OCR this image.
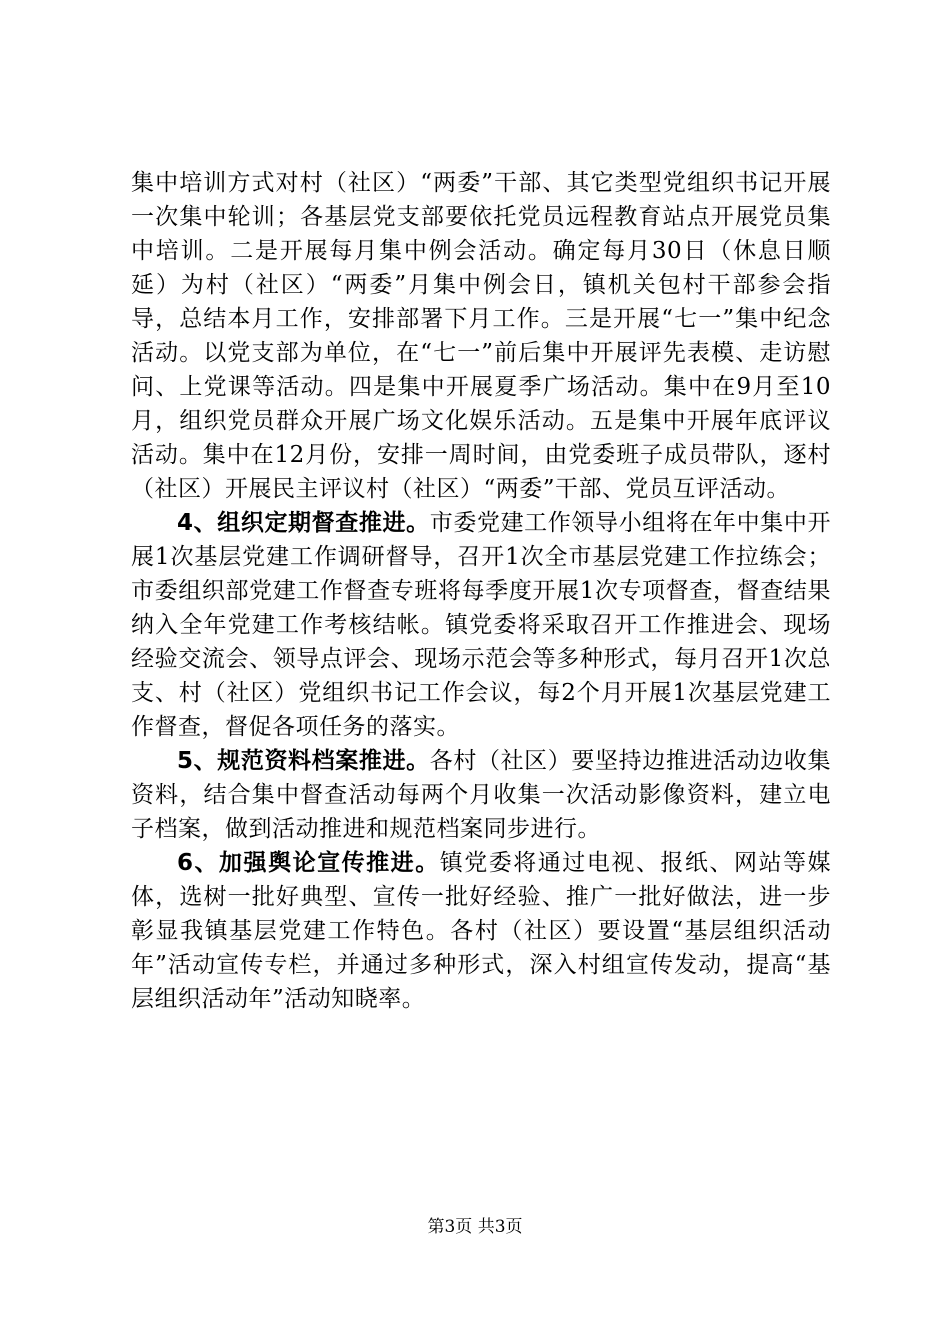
集中培训方式对村（社区）“两委”干部、其它类型党组织书记开展一次集中轮训；各基层党支部要依托党员远程教育站点开展党员集中培训。二是开展每月集中例会活动。确定每月30日（休息日顺延）为村（社区）“两委”月集中例会日，镇机关包村干部参会指导，总结本月工作，安排部署下月工作。三是开展“七一”集中纪念活动。以党支部为单位，在“七一”前后集中开展评先表模、走访慰问、上党课等活动。四是集中开展夏季广场活动。集中在9月至10月，组织党员群众开展广场文化娱乐活动。五是集中开展年底评议活动。集中在12月份，安排一周时间，由党委班子成员带队，逐村（社区）开展民主评议村（社区）“两委”干部、党员互评活动。

4、组织定期督查推进。市委党建工作领导小组将在年中集中开展1次基层党建工作调研督导，召开1次全市基层党建工作拉练会；市委组织部党建工作督查专班将每季度开展1次专项督查，督查结果纳入全年党建工作考核结帐。镇党委将采取召开工作推进会、现场经验交流会、领导点评会、现场示范会等多种形式，每月召开1次总支、村（社区）党组织书记工作会议，每2个月开展1次基层党建工作督查，督促各项任务的落实。

5、规范资料档案推进。各村（社区）要坚持边推进活动边收集资料，结合集中督查活动每两个月收集一次活动影像资料，建立电子档案，做到活动推进和规范档案同步进行。

6、加强舆论宣传推进。镇党委将通过电视、报纸、网站等媒体，选树一批好典型、宣传一批好经验、推广一批好做法，进一步彰显我镇基层党建工作特色。各村（社区）要设置“基层组织活动年”活动宣传专栏，并通过多种形式，深入村组宣传发动，提高“基层组织活动年”活动知晓率。

第3页 共3页
